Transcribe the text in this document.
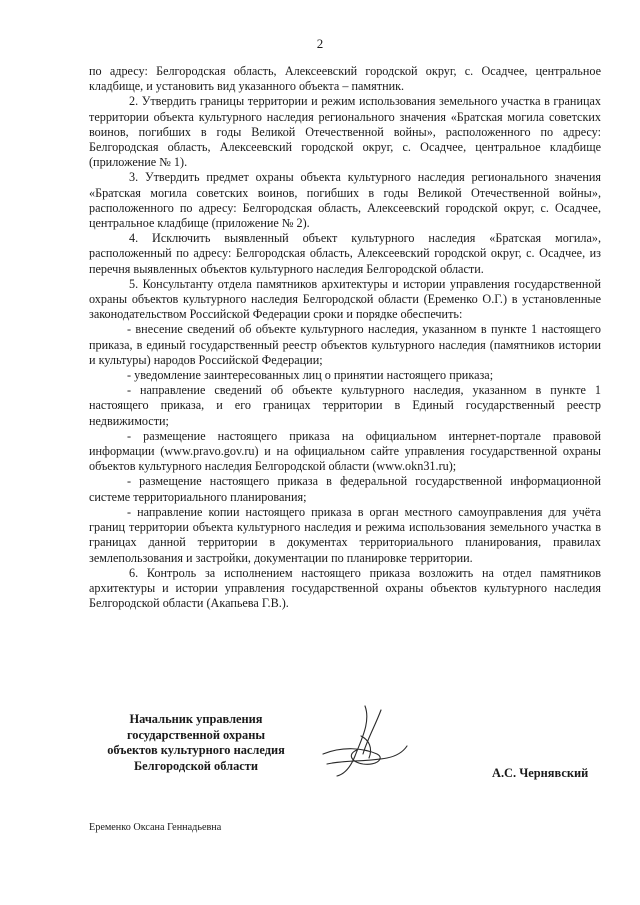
2

по адресу: Белгородская область, Алексеевский городской округ, с. Осадчее, центральное кладбище, и установить вид указанного объекта – памятник.

2. Утвердить границы территории и режим использования земельного участка в границах территории объекта культурного наследия регионального значения «Братская могила советских воинов, погибших в годы Великой Отечественной войны», расположенного по адресу: Белгородская область, Алексеевский городской округ, с. Осадчее, центральное кладбище (приложение № 1).

3. Утвердить предмет охраны объекта культурного наследия регионального значения «Братская могила советских воинов, погибших в годы Великой Отечественной войны», расположенного по адресу: Белгородская область, Алексеевский городской округ, с. Осадчее, центральное кладбище (приложение № 2).

4. Исключить выявленный объект культурного наследия «Братская могила», расположенный по адресу: Белгородская область, Алексеевский городской округ, с. Осадчее, из перечня выявленных объектов культурного наследия Белгородской области.

5. Консультанту отдела памятников архитектуры и истории управления государственной охраны объектов культурного наследия Белгородской области (Еременко О.Г.) в установленные законодательством Российской Федерации сроки и порядке обеспечить:

- внесение сведений об объекте культурного наследия, указанном в пункте 1 настоящего приказа, в единый государственный реестр объектов культурного наследия (памятников истории и культуры) народов Российской Федерации;

- уведомление заинтересованных лиц о принятии настоящего приказа;

- направление сведений об объекте культурного наследия, указанном в пункте 1 настоящего приказа, и его границах территории в Единый государственный реестр недвижимости;

- размещение настоящего приказа на официальном интернет-портале правовой информации (www.pravo.gov.ru) и на официальном сайте управления государственной охраны объектов культурного наследия Белгородской области (www.okn31.ru);

- размещение настоящего приказа в федеральной государственной информационной системе территориального планирования;

- направление копии настоящего приказа в орган местного самоуправления для учёта границ территории объекта культурного наследия и режима использования земельного участка в границах данной территории в документах территориального планирования, правилах землепользования и застройки, документации по планировке территории.

6. Контроль за исполнением настоящего приказа возложить на отдел памятников архитектуры и истории управления государственной охраны объектов культурного наследия Белгородской области (Акапьева Г.В.).

Начальник управления
государственной охраны
объектов культурного наследия
Белгородской области
А.С. Чернявский
Еременко Оксана Геннадьевна
